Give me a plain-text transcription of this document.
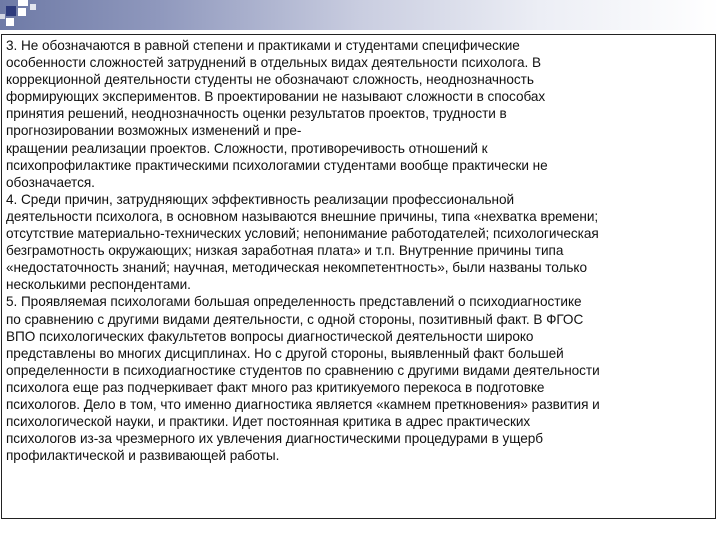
3. Не обозначаются в равной степени и практиками и студентами специфические
особенности сложностей затруднений в отдельных видах деятельности психолога. В
коррекционной деятельности студенты не обозначают сложность, неоднозначность
формирующих экспериментов. В проектировании не называют сложности в способах
принятия решений, неоднозначность оценки результатов проектов, трудности в
прогнозировании возможных изменений и пре-
кращении реализации проектов. Сложности, противоречивость отношений к
психопрофилактике практическими психологамии студентами вообще практически не
обозначается.

4. Среди причин, затрудняющих эффективность реализации профессиональной
деятельности психолога, в основном называются внешние причины, типа «нехватка времени;
отсутствие материально-технических условий; непонимание работодателей; психологическая
безграмотность окружающих; низкая заработная плата» и т.п. Внутренние причины типа
«недостаточность знаний; научная, методическая некомпетентность», были названы только
несколькими респондентами.

5. Проявляемая психологами большая определенность представлений о психодиагностике
по сравнению с другими видами деятельности, с одной стороны, позитивный факт. В ФГОС
ВПО психологических факультетов вопросы диагностической деятельности широко
представлены во многих дисциплинах. Но с другой стороны, выявленный факт большей
определенности в психодиагностике студентов по сравнению с другими видами деятельности
психолога еще раз подчеркивает факт много раз критикуемого перекоса в подготовке
психологов. Дело в том, что именно диагностика является «камнем преткновения» развития и
психологической науки, и практики. Идет постоянная критика в адрес практических
психологов из-за чрезмерного их увлечения диагностическими процедурами в ущерб
профилактической и развивающей работы.
